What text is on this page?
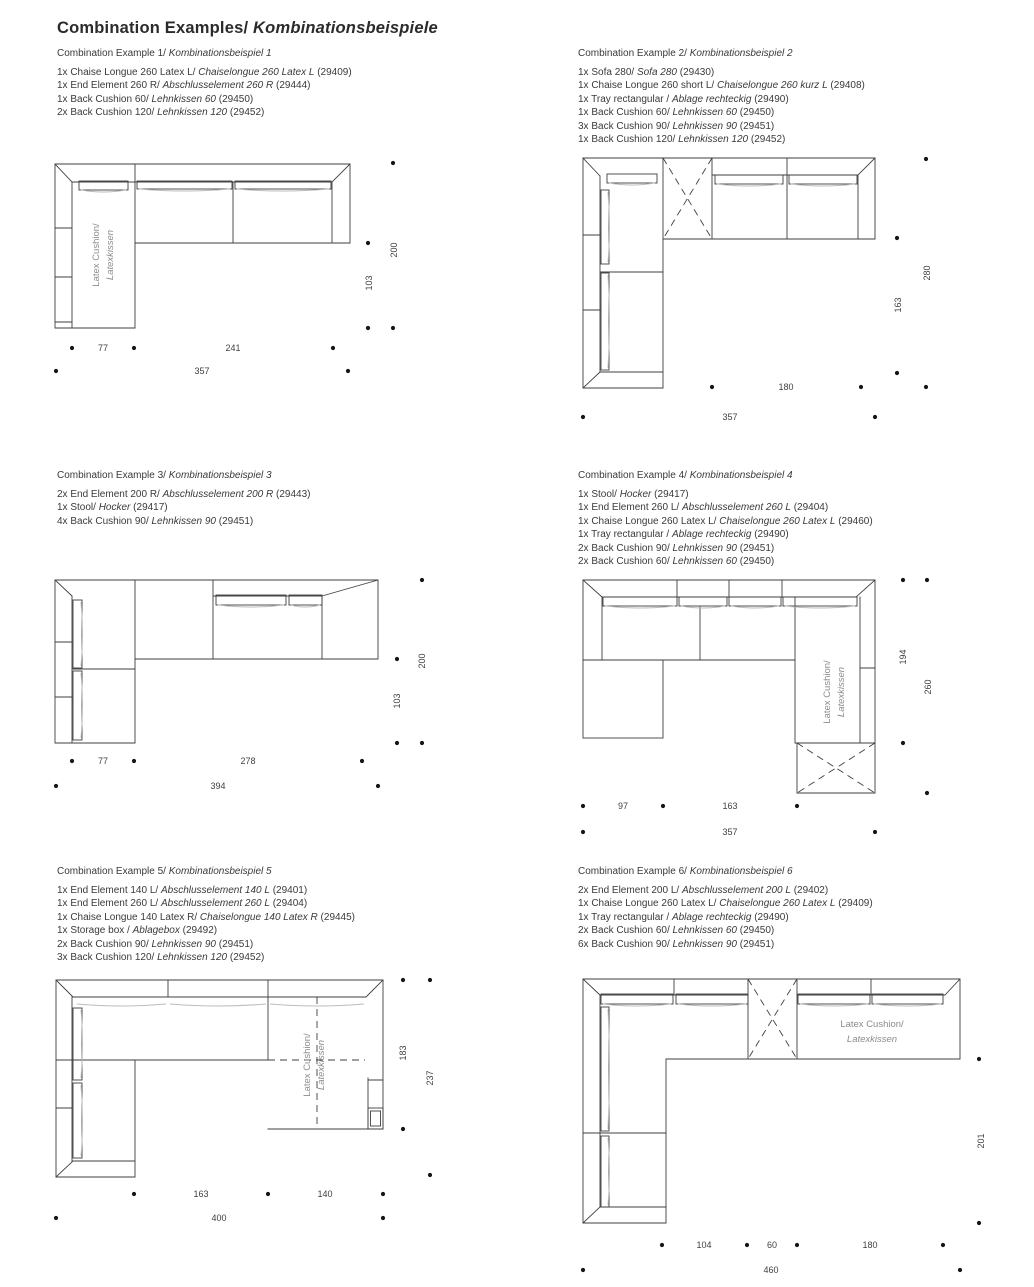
Combination Examples/ Kombinationsbeispiele
Combination Example 1/ Kombinationsbeispiel 1
1x Chaise Longue 260 Latex L/ Chaiselongue 260 Latex L (29409)
1x End Element 260 R/ Abschlusselement 260 R (29444)
1x Back Cushion 60/ Lehnkissen 60 (29450)
2x Back Cushion 120/ Lehnkissen 120 (29452)
Combination Example 2/ Kombinationsbeispiel 2
1x Sofa 280/ Sofa 280 (29430)
1x Chaise Longue 260 short L/ Chaiselongue 260 kurz L (29408)
1x Tray rectangular / Ablage rechteckig (29490)
1x Back Cushion 60/ Lehnkissen 60 (29450)
3x Back Cushion 90/ Lehnkissen 90 (29451)
1x Back Cushion 120/ Lehnkissen 120 (29452)
Latex Cushion/ Latexkissen
77	241
357
103
200
180
357
163
280
Combination Example 3/ Kombinationsbeispiel 3
2x End Element 200 R/ Abschlusselement 200 R (29443)
1x Stool/ Hocker (29417)
4x Back Cushion 90/ Lehnkissen 90 (29451)
Combination Example 4/ Kombinationsbeispiel 4
1x Stool/ Hocker (29417)
1x End Element 260 L/ Abschlusselement 260 L (29404)
1x Chaise Longue 260 Latex L/ Chaiselongue 260 Latex L (29460)
1x Tray rectangular / Ablage rechteckig (29490)
2x Back Cushion 90/ Lehnkissen 90 (29451)
2x Back Cushion 60/ Lehnkissen 60 (29450)
77	278
394
103
200	Latex Cushion/ Latexkissen
97	163
357
194
260
Combination Example 5/ Kombinationsbeispiel 5
1x End Element 140 L/ Abschlusselement 140 L (29401)
1x End Element 260 L/ Abschlusselement 260 L (29404)
1x Chaise Longue 140 Latex R/ Chaiselongue 140 Latex R (29445)
1x Storage box / Ablagebox (29492)
2x Back Cushion 90/ Lehnkissen 90 (29451)
3x Back Cushion 120/ Lehnkissen 120 (29452)
Combination Example 6/ Kombinationsbeispiel 6
2x End Element 200 L/ Abschlusselement 200 L (29402)
1x Chaise Longue 260 Latex L/ Chaiselongue 260 Latex L (29409)
1x Tray rectangular / Ablage rechteckig (29490)
2x Back Cushion 60/ Lehnkissen 60 (29450)
6x Back Cushion 90/ Lehnkissen 90 (29451)
Latex Cushion/ Latexkissen
163	140
400
183
237
Latex Cushion/
Latexkissen
104	60	180
460
201
